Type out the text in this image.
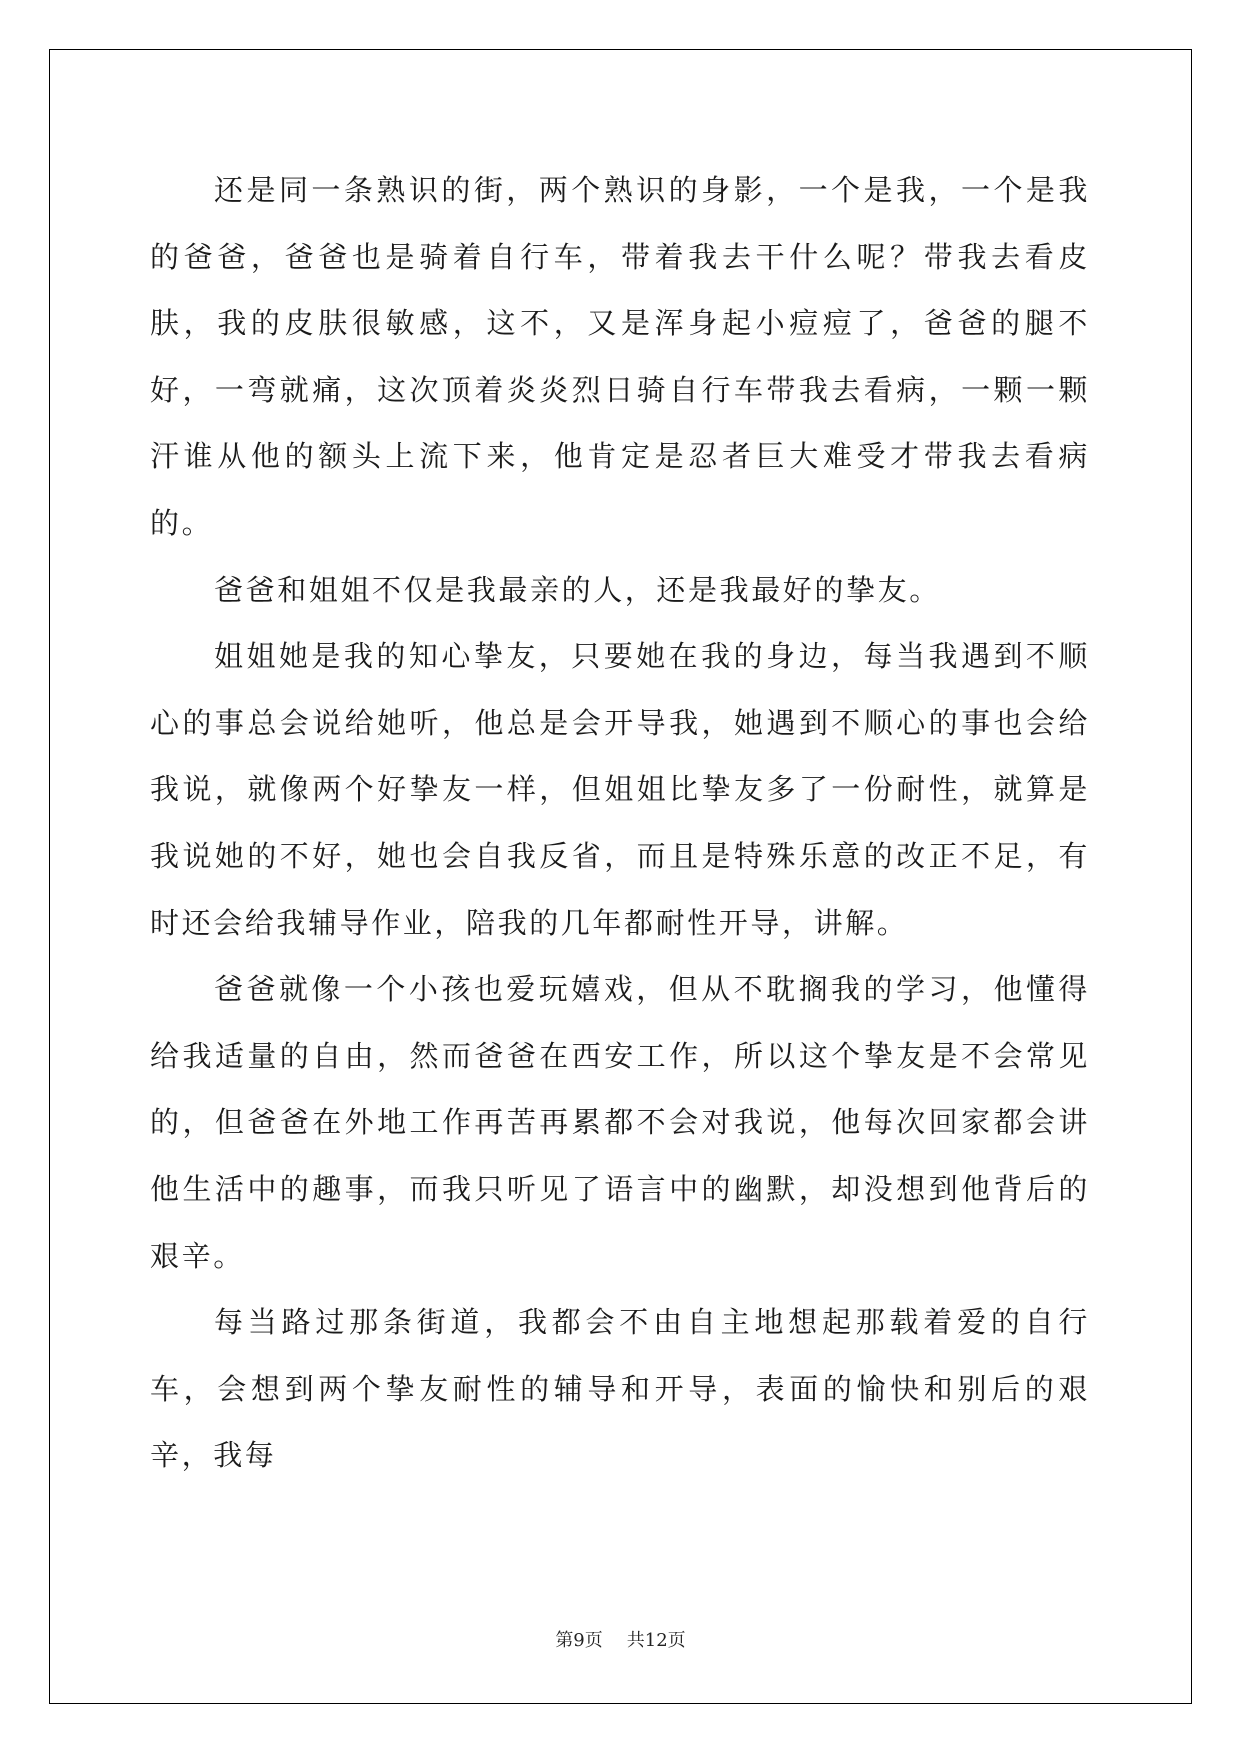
还是同一条熟识的街，两个熟识的身影，一个是我，一个是我的爸爸，爸爸也是骑着自行车，带着我去干什么呢？带我去看皮肤，我的皮肤很敏感，这不，又是浑身起小痘痘了，爸爸的腿不好，一弯就痛，这次顶着炎炎烈日骑自行车带我去看病，一颗一颗汗谁从他的额头上流下来，他肯定是忍者巨大难受才带我去看病的。

爸爸和姐姐不仅是我最亲的人，还是我最好的挚友。

姐姐她是我的知心挚友，只要她在我的身边，每当我遇到不顺心的事总会说给她听，他总是会开导我，她遇到不顺心的事也会给我说，就像两个好挚友一样，但姐姐比挚友多了一份耐性，就算是我说她的不好，她也会自我反省，而且是特殊乐意的改正不足，有时还会给我辅导作业，陪我的几年都耐性开导，讲解。

爸爸就像一个小孩也爱玩嬉戏，但从不耽搁我的学习，他懂得给我适量的自由，然而爸爸在西安工作，所以这个挚友是不会常见的，但爸爸在外地工作再苦再累都不会对我说，他每次回家都会讲他生活中的趣事，而我只听见了语言中的幽默，却没想到他背后的艰辛。

每当路过那条街道，我都会不由自主地想起那载着爱的自行车，会想到两个挚友耐性的辅导和开导，表面的愉快和别后的艰辛，我每

第9页 共12页
